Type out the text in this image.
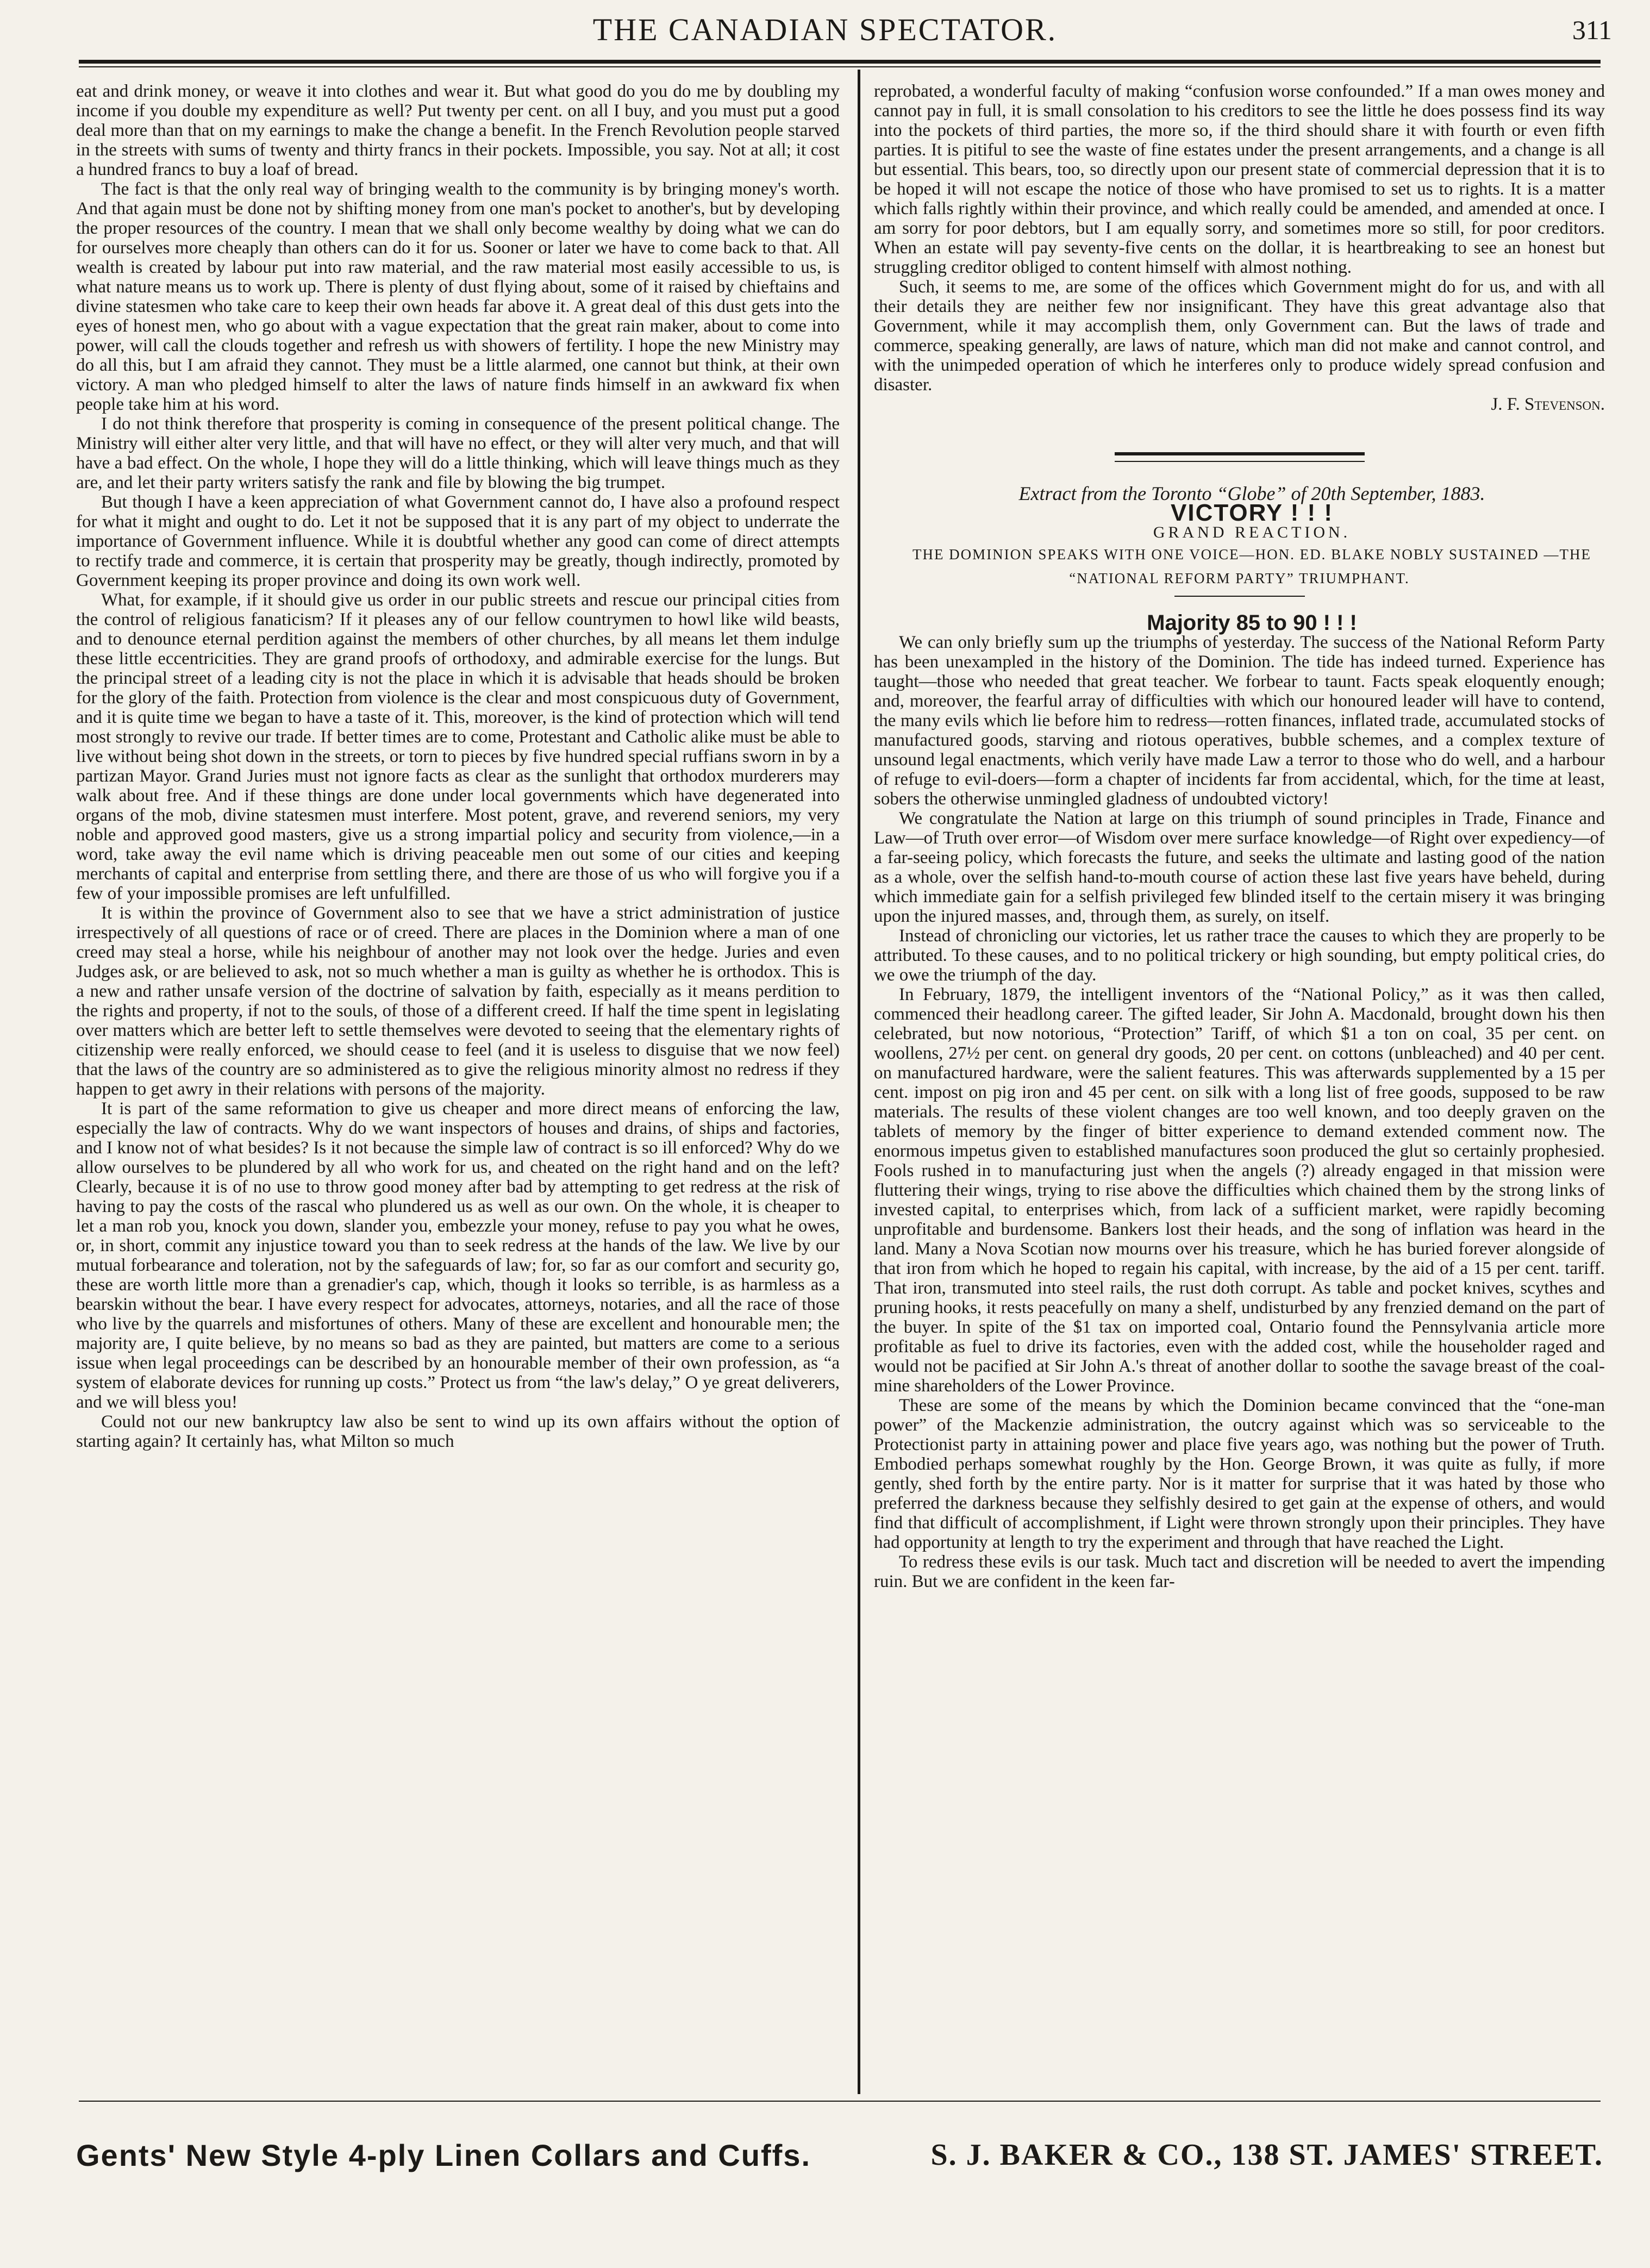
THE CANADIAN SPECTATOR.	311

eat and drink money, or weave it into clothes and wear it. But what good do you do me by doubling my income if you double my expenditure as well? Put twenty per cent. on all I buy, and you must put a good deal more than that on my earnings to make the change a benefit. In the French Revolution people starved in the streets with sums of twenty and thirty francs in their pockets. Impossible, you say. Not at all; it cost a hundred francs to buy a loaf of bread.

The fact is that the only real way of bringing wealth to the community is by bringing money's worth. And that again must be done not by shifting money from one man's pocket to another's, but by developing the proper resources of the country. I mean that we shall only become wealthy by doing what we can do for ourselves more cheaply than others can do it for us. Sooner or later we have to come back to that. All wealth is created by labour put into raw material, and the raw material most easily accessible to us, is what nature means us to work up. There is plenty of dust flying about, some of it raised by chieftains and divine statesmen who take care to keep their own heads far above it. A great deal of this dust gets into the eyes of honest men, who go about with a vague expectation that the great rain maker, about to come into power, will call the clouds together and refresh us with showers of fertility. I hope the new Ministry may do all this, but I am afraid they cannot. They must be a little alarmed, one cannot but think, at their own victory. A man who pledged himself to alter the laws of nature finds himself in an awkward fix when people take him at his word.

I do not think therefore that prosperity is coming in consequence of the present political change. The Ministry will either alter very little, and that will have no effect, or they will alter very much, and that will have a bad effect. On the whole, I hope they will do a little thinking, which will leave things much as they are, and let their party writers satisfy the rank and file by blowing the big trumpet.

But though I have a keen appreciation of what Government cannot do, I have also a profound respect for what it might and ought to do. Let it not be supposed that it is any part of my object to underrate the importance of Government influence. While it is doubtful whether any good can come of direct attempts to rectify trade and commerce, it is certain that prosperity may be greatly, though indirectly, promoted by Government keeping its proper province and doing its own work well.

What, for example, if it should give us order in our public streets and rescue our principal cities from the control of religious fanaticism? If it pleases any of our fellow countrymen to howl like wild beasts, and to denounce eternal perdition against the members of other churches, by all means let them indulge these little eccentricities. They are grand proofs of orthodoxy, and admirable exercise for the lungs. But the principal street of a leading city is not the place in which it is advisable that heads should be broken for the glory of the faith. Protection from violence is the clear and most conspicuous duty of Government, and it is quite time we began to have a taste of it. This, moreover, is the kind of protection which will tend most strongly to revive our trade. If better times are to come, Protestant and Catholic alike must be able to live without being shot down in the streets, or torn to pieces by five hundred special ruffians sworn in by a partizan Mayor. Grand Juries must not ignore facts as clear as the sunlight that orthodox murderers may walk about free. And if these things are done under local governments which have degenerated into organs of the mob, divine statesmen must interfere. Most potent, grave, and reverend seniors, my very noble and approved good masters, give us a strong impartial policy and security from violence,—in a word, take away the evil name which is driving peaceable men out some of our cities and keeping merchants of capital and enterprise from settling there, and there are those of us who will forgive you if a few of your impossible promises are left unfulfilled.

It is within the province of Government also to see that we have a strict administration of justice irrespectively of all questions of race or of creed. There are places in the Dominion where a man of one creed may steal a horse, while his neighbour of another may not look over the hedge. Juries and even Judges ask, or are believed to ask, not so much whether a man is guilty as whether he is orthodox. This is a new and rather unsafe version of the doctrine of salvation by faith, especially as it means perdition to the rights and property, if not to the souls, of those of a different creed. If half the time spent in legislating over matters which are better left to settle themselves were devoted to seeing that the elementary rights of citizenship were really enforced, we should cease to feel (and it is useless to disguise that we now feel) that the laws of the country are so administered as to give the religious minority almost no redress if they happen to get awry in their relations with persons of the majority.

It is part of the same reformation to give us cheaper and more direct means of enforcing the law, especially the law of contracts. Why do we want inspectors of houses and drains, of ships and factories, and I know not of what besides? Is it not because the simple law of contract is so ill enforced? Why do we allow ourselves to be plundered by all who work for us, and cheated on the right hand and on the left? Clearly, because it is of no use to throw good money after bad by attempting to get redress at the risk of having to pay the costs of the rascal who plundered us as well as our own. On the whole, it is cheaper to let a man rob you, knock you down, slander you, embezzle your money, refuse to pay you what he owes, or, in short, commit any injustice toward you than to seek redress at the hands of the law. We live by our mutual forbearance and toleration, not by the safeguards of law; for, so far as our comfort and security go, these are worth little more than a grenadier's cap, which, though it looks so terrible, is as harmless as a bearskin without the bear. I have every respect for advocates, attorneys, notaries, and all the race of those who live by the quarrels and misfortunes of others. Many of these are excellent and honourable men; the majority are, I quite believe, by no means so bad as they are painted, but matters are come to a serious issue when legal proceedings can be described by an honourable member of their own profession, as “a system of elaborate devices for running up costs.” Protect us from “the law's delay,” O ye great deliverers, and we will bless you!

Could not our new bankruptcy law also be sent to wind up its own affairs without the option of starting again? It certainly has, what Milton so much

reprobated, a wonderful faculty of making “confusion worse confounded.” If a man owes money and cannot pay in full, it is small consolation to his creditors to see the little he does possess find its way into the pockets of third parties, the more so, if the third should share it with fourth or even fifth parties. It is pitiful to see the waste of fine estates under the present arrangements, and a change is all but essential. This bears, too, so directly upon our present state of commercial depression that it is to be hoped it will not escape the notice of those who have promised to set us to rights. It is a matter which falls rightly within their province, and which really could be amended, and amended at once. I am sorry for poor debtors, but I am equally sorry, and sometimes more so still, for poor creditors. When an estate will pay seventy-five cents on the dollar, it is heartbreaking to see an honest but struggling creditor obliged to content himself with almost nothing.

Such, it seems to me, are some of the offices which Government might do for us, and with all their details they are neither few nor insignificant. They have this great advantage also that Government, while it may accomplish them, only Government can. But the laws of trade and commerce, speaking generally, are laws of nature, which man did not make and cannot control, and with the unimpeded operation of which he interferes only to produce widely spread confusion and disaster.

J. F. Stevenson.

Extract from the Toronto “Globe” of 20th September, 1883.

VICTORY ! ! !

GRAND REACTION.

THE DOMINION SPEAKS WITH ONE VOICE—HON. ED. BLAKE NOBLY SUSTAINED —THE “NATIONAL REFORM PARTY” TRIUMPHANT.

Majority 85 to 90 ! ! !

We can only briefly sum up the triumphs of yesterday. The success of the National Reform Party has been unexampled in the history of the Dominion. The tide has indeed turned. Experience has taught—those who needed that great teacher. We forbear to taunt. Facts speak eloquently enough; and, moreover, the fearful array of difficulties with which our honoured leader will have to contend, the many evils which lie before him to redress—rotten finances, inflated trade, accumulated stocks of manufactured goods, starving and riotous operatives, bubble schemes, and a complex texture of unsound legal enactments, which verily have made Law a terror to those who do well, and a harbour of refuge to evil-doers—form a chapter of incidents far from accidental, which, for the time at least, sobers the otherwise unmingled gladness of undoubted victory!

We congratulate the Nation at large on this triumph of sound principles in Trade, Finance and Law—of Truth over error—of Wisdom over mere surface knowledge—of Right over expediency—of a far-seeing policy, which forecasts the future, and seeks the ultimate and lasting good of the nation as a whole, over the selfish hand-to-mouth course of action these last five years have beheld, during which immediate gain for a selfish privileged few blinded itself to the certain misery it was bringing upon the injured masses, and, through them, as surely, on itself.

Instead of chronicling our victories, let us rather trace the causes to which they are properly to be attributed. To these causes, and to no political trickery or high sounding, but empty political cries, do we owe the triumph of the day.

In February, 1879, the intelligent inventors of the “National Policy,” as it was then called, commenced their headlong career. The gifted leader, Sir John A. Macdonald, brought down his then celebrated, but now notorious, “Protection” Tariff, of which $1 a ton on coal, 35 per cent. on woollens, 27½ per cent. on general dry goods, 20 per cent. on cottons (unbleached) and 40 per cent. on manufactured hardware, were the salient features. This was afterwards supplemented by a 15 per cent. impost on pig iron and 45 per cent. on silk with a long list of free goods, supposed to be raw materials. The results of these violent changes are too well known, and too deeply graven on the tablets of memory by the finger of bitter experience to demand extended comment now. The enormous impetus given to established manufactures soon produced the glut so certainly prophesied. Fools rushed in to manufacturing just when the angels (?) already engaged in that mission were fluttering their wings, trying to rise above the difficulties which chained them by the strong links of invested capital, to enterprises which, from lack of a sufficient market, were rapidly becoming unprofitable and burdensome. Bankers lost their heads, and the song of inflation was heard in the land. Many a Nova Scotian now mourns over his treasure, which he has buried forever alongside of that iron from which he hoped to regain his capital, with increase, by the aid of a 15 per cent. tariff. That iron, transmuted into steel rails, the rust doth corrupt. As table and pocket knives, scythes and pruning hooks, it rests peacefully on many a shelf, undisturbed by any frenzied demand on the part of the buyer. In spite of the $1 tax on imported coal, Ontario found the Pennsylvania article more profitable as fuel to drive its factories, even with the added cost, while the householder raged and would not be pacified at Sir John A.'s threat of another dollar to soothe the savage breast of the coal-mine shareholders of the Lower Province.

These are some of the means by which the Dominion became convinced that the “one-man power” of the Mackenzie administration, the outcry against which was so serviceable to the Protectionist party in attaining power and place five years ago, was nothing but the power of Truth. Embodied perhaps somewhat roughly by the Hon. George Brown, it was quite as fully, if more gently, shed forth by the entire party. Nor is it matter for surprise that it was hated by those who preferred the darkness because they selfishly desired to get gain at the expense of others, and would find that difficult of accomplishment, if Light were thrown strongly upon their principles. They have had opportunity at length to try the experiment and through that have reached the Light.

To redress these evils is our task. Much tact and discretion will be needed to avert the impending ruin. But we are confident in the keen far-

Gents' New Style 4-ply Linen Collars and Cuffs.	S. J. BAKER & CO., 138 ST. JAMES' STREET.
